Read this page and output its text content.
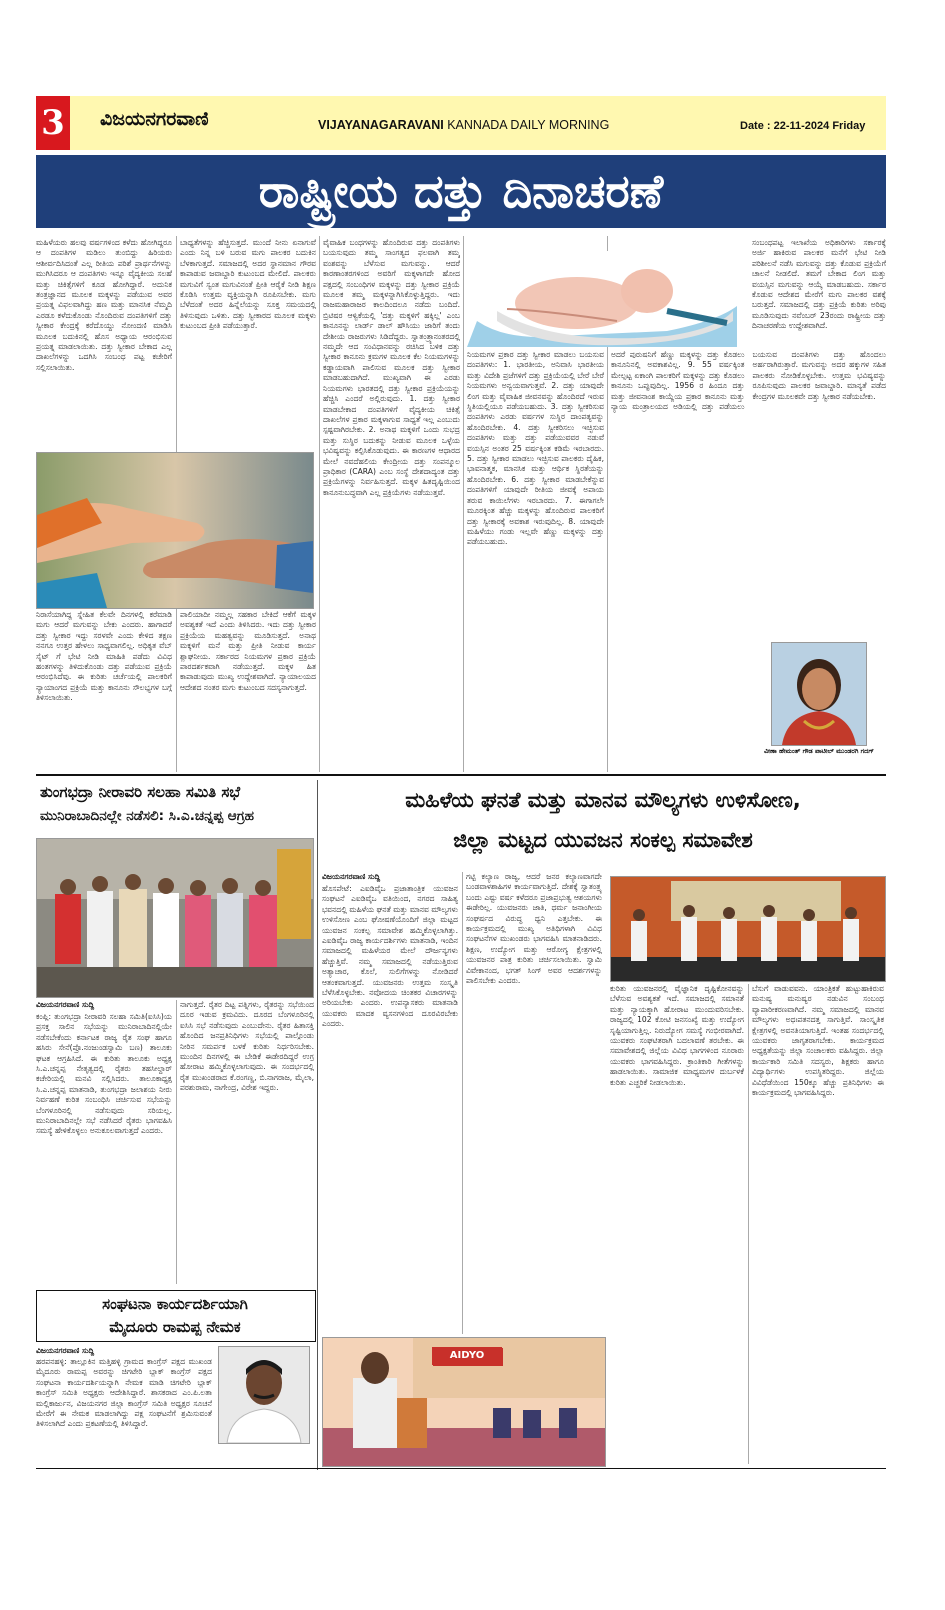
3 ವಿಜಯನಗರವಾಣಿ	VIJAYANAGARAVANI KANNADA DAILY MORNING	Date : 22-11-2024 Friday
ರಾಷ್ಟ್ರೀಯ ದತ್ತು ದಿನಾಚರಣೆ
ಮಹಿಳೆಯರು ಹಲವು ವರ್ಷಗಳಿಂದ ಕಳೆದು ಹೋಗಿದ್ದರೂ ಆ ದಂಪತಿಗಳ ಮಡಿಲು ತುಂಬಿದ್ದು ಹಿರಿಯರು ಆಶೀರ್ವದಿಸಿದಂತೆ ಎಲ್ಲ ರೀತಿಯ ಪರಿಶೆ ಪ್ರಾರ್ಥನೆಗಳನ್ನು ಮುಗಿಸಿದರೂ ಆ ದಂಪತಿಗಳು ಇನ್ನೂ ವೈದ್ಯಕೀಯ ಸಲಹೆ ಮತ್ತು ಚಿಕಿತ್ಸೆಗಳಿಗೆ ಕೂಡ ಹೋಗಿದ್ದಾರೆ. ಅದುನಿಕ ತಂತ್ರಜ್ಞಾನದ ಮೂಲಕ ಮಕ್ಕಳನ್ನು ಪಡೆಯುವ ಅವರ ಪ್ರಯತ್ನ ವಿಫಲವಾಗಿದ್ದು ಹಣ ಮತ್ತು ಮಾನಸಿಕ ನೆಮ್ಮದಿ ಎರಡೂ ಕಳೆದುಕೊಂಡು ನೊಂದಿರುವ ದಂಪತಿಗಳಿಗೆ ದತ್ತು ಸ್ವೀಕಾರ ಕೇಂದ್ರಕ್ಕೆ ಕರೆದೊಯ್ದು ನೋಂದಣಿ ಮಾಡಿಸಿ ಮೂಲಕ ಬದುಕಿನಲ್ಲಿ ಹೊಸ ಅಧ್ಯಾಯ ಆರಂಭಿಸುವ ಪ್ರಯತ್ನ ಮಾಡಲಾಯಿತು. ದತ್ತು ಸ್ವೀಕಾರ ಬೇಕಾದ ಎಲ್ಲ ದಾಖಲೆಗಳನ್ನು ಒದಗಿಸಿ ಸಂಬಂಧ ಪಟ್ಟ ಕಚೇರಿಗೆ ಸಲ್ಲಿಸಲಾಯಿತು.
ನಿರಾಸೆಯಾಗಿದ್ದ ಸ್ನೇಹಿತ ಕೆಲವೇ ದಿನಗಳಲ್ಲಿ ಕರೆಮಾಡಿ ಮಗು ಆದರೆ ಮಗುವನ್ನು ಬೇಕು ಎಂದರು. ಹಾಗಾದರೆ ದತ್ತು ಸ್ವೀಕಾರ ಇದ್ದು ಸರಳವೇ ಎಂದು ಕೇಳಿದ ತಕ್ಷಣ ನನಗೂ ಉತ್ತರ ಹೇಳಲು ಸಾಧ್ಯವಾಗಲಿಲ್ಲ. ಅಧಿಕೃತ ವೆಬ್ ಸೈಟ್ ಗೆ ಭೇಟಿ ನೀಡಿ ಮಾಹಿತಿ ಪಡೆದು ವಿವಿಧ ಹಂತಗಳನ್ನು ತಿಳಿದುಕೊಂಡು ದತ್ತು ಪಡೆಯುವ ಪ್ರಕ್ರಿಯೆ ಆರಂಭಿಸಿದೆವು. ಈ ಕುರಿತು ಚರ್ಚೆಯಲ್ಲಿ ಪಾಲಕರಿಗೆ ನ್ಯಾಯಾಂಗದ ಪ್ರಕ್ರಿಯೆ ಮತ್ತು ಕಾನೂನು ಸೌಲಭ್ಯಗಳ ಬಗ್ಗೆ ತಿಳಿಸಲಾಯಿತು.
ಬಾಧ್ಯತೆಗಳನ್ನು ಹೆಚ್ಚಿಸುತ್ತದೆ. ಮುಂದೆ ನೀನು ಏನಾಗುವೆ ಎಂದು ನಿನ್ನ ಬಳಿ ಬರುವ ಮಗು ಪಾಲಕರ ಬದುಕಿನ ಬೆಳಕಾಗುತ್ತದೆ. ಸಮಾಜದಲ್ಲಿ ಅದರ ಸ್ಥಾನಮಾನ ಗೌರವ ಕಾಪಾಡುವ ಜವಾಬ್ದಾರಿ ಕುಟುಂಬದ ಮೇಲಿದೆ. ಪಾಲಕರು ಮಗುವಿಗೆ ಸ್ವಂತ ಮಗುವಿನಂತೆ ಪ್ರೀತಿ ಆರೈಕೆ ನೀಡಿ ಶಿಕ್ಷಣ ಕೊಡಿಸಿ ಉತ್ತಮ ವ್ಯಕ್ತಿಯನ್ನಾಗಿ ರೂಪಿಸಬೇಕು. ಮಗು ಬೆಳೆದಂತೆ ಅದರ ಹಿನ್ನೆಲೆಯನ್ನು ಸೂಕ್ತ ಸಮಯದಲ್ಲಿ ತಿಳಿಸುವುದು ಒಳಿತು. ದತ್ತು ಸ್ವೀಕಾರದ ಮೂಲಕ ಮಕ್ಕಳು ಕುಟುಂಬದ ಪ್ರೀತಿ ಪಡೆಯುತ್ತಾರೆ.
ಪಾಲಿಯಾದೀ ನಮ್ಮಲ್ಲ ಸಹಕಾರ ಬೇಕಿದೆ ಆಕೆಗೆ ಮಕ್ಕಳ ಅವಶ್ಯಕತೆ ಇದೆ ಎಂದು ತಿಳಿಸಿದರು. ಇದು ದತ್ತು ಸ್ವೀಕಾರ ಪ್ರಕ್ರಿಯೆಯ ಮಹತ್ವವನ್ನು ಮೂಡಿಸುತ್ತದೆ. ಅನಾಥ ಮಕ್ಕಳಿಗೆ ಮನೆ ಮತ್ತು ಪ್ರೀತಿ ನೀಡುವ ಕಾರ್ಯ ಶ್ಲಾಘನೀಯ. ಸರ್ಕಾರದ ನಿಯಮಗಳ ಪ್ರಕಾರ ಪ್ರಕ್ರಿಯೆ ಪಾರದರ್ಶಕವಾಗಿ ನಡೆಯುತ್ತದೆ. ಮಕ್ಕಳ ಹಿತ ಕಾಪಾಡುವುದು ಮುಖ್ಯ ಉದ್ದೇಶವಾಗಿದೆ. ನ್ಯಾಯಾಲಯದ ಆದೇಶದ ನಂತರ ಮಗು ಕುಟುಂಬದ ಸದಸ್ಯನಾಗುತ್ತದೆ.
ವೈವಾಹಿಕ ಬಂಧಗಳನ್ನು ಹೊಂದಿರುವ ದತ್ತು ದಂಪತಿಗಳು ಬಯಸುವುದು ತಮ್ಮ ಸಾಂಗತ್ಯದ ಫಲವಾಗಿ ತಮ್ಮ ವಂಶವನ್ನು ಬೆಳೆಸುವ ಮಗುವನ್ನು. ಆದರೆ ಕಾರಣಾಂತರಗಳಿಂದ ಅವರಿಗೆ ಮಕ್ಕಳಾಗದೇ ಹೋದ ಪಕ್ಷದಲ್ಲಿ ಸಂಬಂಧಿಗಳ ಮಕ್ಕಳನ್ನು ದತ್ತು ಸ್ವೀಕಾರ ಪ್ರಕ್ರಿಯೆ ಮೂಲಕ ತಮ್ಮ ಮಕ್ಕಳನ್ನಾಗಿಸಿಕೊಳ್ಳುತ್ತಿದ್ದರು. ಇದು ರಾಜಮಹಾರಾಜರ ಕಾಲದಿಂದಲೂ ನಡೆದು ಬಂದಿದೆ. ಬ್ರಿಟಿಷರ ಆಳ್ವಿಕೆಯಲ್ಲಿ 'ದತ್ತು ಮಕ್ಕಳಿಗೆ ಹಕ್ಕಿಲ್ಲ' ಎಂಬ ಕಾನೂನನ್ನು ಲಾರ್ಡ್ ಡಾಲ್ ಹೌಸಿಯು ಜಾರಿಗೆ ತಂದು ದೇಶೀಯ ರಾಜರುಗಳು ಸಿಡಿದೆದ್ದರು. ಸ್ವಾತಂತ್ರ್ಯಾನಂತರದಲ್ಲಿ ನಮ್ಮದೇ ಆದ ಸಂವಿಧಾನವನ್ನು ರಚಿಸಿದ ಬಳಿಕ ದತ್ತು ಸ್ವೀಕಾರ ಕಾನೂನು ಕ್ರಮಗಳ ಮೂಲಕ ಕೆಲ ನಿಯಮಗಳನ್ನು ಕಡ್ಡಾಯವಾಗಿ ಪಾಲಿಸುವ ಮೂಲಕ ದತ್ತು ಸ್ವೀಕಾರ ಮಾಡಬಹುದಾಗಿದೆ. ಮುಖ್ಯವಾಗಿ ಈ ಎರಡು ನಿಯಮಗಳು ಭಾರತದಲ್ಲಿ ದತ್ತು ಸ್ವೀಕಾರ ಪ್ರಕ್ರಿಯೆಯನ್ನು ಹೆಚ್ಚಿಸಿ ಎಂದರೆ ಅಲ್ಲಿರುವುದು. 1. ದತ್ತು ಸ್ವೀಕಾರ ಮಾಡಬೇಕಾದ ದಂಪತಿಗಳಿಗೆ ವೈದ್ಯಕೀಯ ಚಿಕಿತ್ಸೆ ದಾಖಲೆಗಳ ಪ್ರಕಾರ ಮಕ್ಕಳಾಗುವ ಸಾಧ್ಯತೆ ಇಲ್ಲ ಎಂಬುದು ಸ್ಪಷ್ಟವಾಗಿರಬೇಕು. 2. ಅನಾಥ ಮಕ್ಕಳಿಗೆ ಒಂದು ಸುಭದ್ರ ಮತ್ತು ಸುಸ್ಥಿರ ಬದುಕನ್ನು ನೀಡುವ ಮೂಲಕ ಒಳ್ಳೆಯ ಭವಿಷ್ಯವನ್ನು ಕಲ್ಪಿಸಿಕೊಡುವುದು. ಈ ಕಾರಣಗಳ ಆಧಾರದ ಮೇಲೆ ನವದೆಹಲಿಯ ಕೇಂದ್ರೀಯ ದತ್ತು ಸಂಪನ್ಮೂಲ ಪ್ರಾಧಿಕಾರ (CARA) ಎಂಬ ಸಂಸ್ಥೆ ದೇಶದಾದ್ಯಂತ ದತ್ತು ಪ್ರಕ್ರಿಯೆಗಳನ್ನು ನಿರ್ವಹಿಸುತ್ತದೆ. ಮಕ್ಕಳ ಹಿತದೃಷ್ಟಿಯಿಂದ ಕಾನೂನುಬದ್ಧವಾಗಿ ಎಲ್ಲ ಪ್ರಕ್ರಿಯೆಗಳು ನಡೆಯುತ್ತವೆ.
ನಿಯಮಗಳ ಪ್ರಕಾರ ದತ್ತು ಸ್ವೀಕಾರ ಮಾಡಲು ಬಯಸುವ ದಂಪತಿಗಳು: 1. ಭಾರತೀಯ, ಅನಿವಾಸಿ ಭಾರತೀಯ ಮತ್ತು ವಿದೇಶಿ ಪ್ರಜೆಗಳಿಗೆ ದತ್ತು ಪ್ರಕ್ರಿಯೆಯಲ್ಲಿ ಬೇರೆ ಬೇರೆ ನಿಯಮಗಳು ಅನ್ವಯವಾಗುತ್ತವೆ. 2. ದತ್ತು ಯಾವುದೇ ಲಿಂಗ ಮತ್ತು ವೈವಾಹಿಕ ಜೀವನವನ್ನು ಹೊಂದಿರದೆ ಇರುವ ಸ್ಥಿತಿಯಲ್ಲಿಯೂ ಪಡೆಯಬಹುದು. 3. ದತ್ತು ಸ್ವೀಕರಿಸುವ ದಂಪತಿಗಳು ಎರಡು ವರ್ಷಗಳ ಸುಸ್ಥಿರ ದಾಂಪತ್ಯವನ್ನು ಹೊಂದಿರಬೇಕು. 4. ದತ್ತು ಸ್ವೀಕರಿಸಲು ಇಚ್ಛಿಸುವ ದಂಪತಿಗಳು ಮತ್ತು ದತ್ತು ಪಡೆಯುವವರ ನಡುವೆ ವಯಸ್ಸಿನ ಅಂತರ 25 ವರ್ಷಕ್ಕಿಂತ ಕಡಿಮೆ ಇರಬಾರದು. 5. ದತ್ತು ಸ್ವೀಕಾರ ಮಾಡಲು ಇಚ್ಛಿಸುವ ಪಾಲಕರು ದೈಹಿಕ, ಭಾವನಾತ್ಮಕ, ಮಾನಸಿಕ ಮತ್ತು ಆರ್ಥಿಕ ಸ್ಥಿರತೆಯನ್ನು ಹೊಂದಿರಬೇಕು. 6. ದತ್ತು ಸ್ವೀಕಾರ ಮಾಡಬೇಕೆನ್ನುವ ದಂಪತಿಗಳಿಗೆ ಯಾವುದೇ ರೀತಿಯ ಜೀವಕ್ಕೆ ಅಪಾಯ ತರುವ ಕಾಯಿಲೆಗಳು ಇರಬಾರದು. 7. ಈಗಾಗಲೇ ಮೂರಕ್ಕಿಂತ ಹೆಚ್ಚು ಮಕ್ಕಳನ್ನು ಹೊಂದಿರುವ ಪಾಲಕರಿಗೆ ದತ್ತು ಸ್ವೀಕಾರಕ್ಕೆ ಅವಕಾಶ ಇರುವುದಿಲ್ಲ. 8. ಯಾವುದೇ ಮಹಿಳೆಯು ಗಂಡು ಇಲ್ಲವೇ ಹೆಣ್ಣು ಮಕ್ಕಳನ್ನು ದತ್ತು ಪಡೆಯಬಹುದು.
ಸಂಬಂಧಪಟ್ಟ ಇಲಾಖೆಯ ಅಧಿಕಾರಿಗಳು ಸರ್ಕಾರಕ್ಕೆ ಅರ್ಜಿ ಹಾಕಿರುವ ಪಾಲಕರ ಮನೆಗೆ ಭೇಟಿ ನೀಡಿ ಪರಿಶೀಲನೆ ನಡೆಸಿ ಮಗುವನ್ನು ದತ್ತು ಕೊಡುವ ಪ್ರಕ್ರಿಯೆಗೆ ಚಾಲನೆ ನೀಡಲಿದೆ. ತಮಗೆ ಬೇಕಾದ ಲಿಂಗ ಮತ್ತು ವಯಸ್ಸಿನ ಮಗುವನ್ನು ಆಯ್ಕೆ ಮಾಡಬಹುದು. ಸರ್ಕಾರ ಕೊಡುವ ಆದೇಶದ ಮೇರೆಗೆ ಮಗು ಪಾಲಕರ ವಶಕ್ಕೆ ಬರುತ್ತದೆ. ಸಮಾಜದಲ್ಲಿ ದತ್ತು ಪ್ರಕ್ರಿಯೆ ಕುರಿತು ಅರಿವು ಮೂಡಿಸುವುದು ನವೆಂಬರ್ 23ರಂದು ರಾಷ್ಟ್ರೀಯ ದತ್ತು ದಿನಾಚರಣೆಯ ಉದ್ದೇಶವಾಗಿದೆ.
ಅದರೆ ಪುರುಷನಿಗೆ ಹೆಣ್ಣು ಮಕ್ಕಳನ್ನು ದತ್ತು ಕೊಡಲು ಕಾನೂನಿನಲ್ಲಿ ಅವಕಾಶವಿಲ್ಲ. 9. 55 ವರ್ಷಕ್ಕಿಂತ ಮೇಲ್ಪಟ್ಟ ಏಕಾಂಗಿ ಪಾಲಕರಿಗೆ ಮಕ್ಕಳನ್ನು ದತ್ತು ಕೊಡಲು ಕಾನೂನು ಒಪ್ಪುವುದಿಲ್ಲ. 1956 ರ ಹಿಂದೂ ದತ್ತು ಮತ್ತು ಜೀವನಾಂಶ ಕಾಯ್ದೆಯ ಪ್ರಕಾರ ಕಾನೂನು ಮತ್ತು ನ್ಯಾಯ ಮಂತ್ರಾಲಯದ ಅಡಿಯಲ್ಲಿ ದತ್ತು ಪಡೆಯಲು ಬಯಸುವ ದಂಪತಿಗಳು ದತ್ತು ಹೊಂದಲು ಅರ್ಹರಾಗಿರುತ್ತಾರೆ. ಮಗುವನ್ನು ಅದರ ಹಕ್ಕುಗಳ ಸಹಿತ ಪಾಲಕರು ನೋಡಿಕೊಳ್ಳಬೇಕು. ಉತ್ತಮ ಭವಿಷ್ಯವನ್ನು ರೂಪಿಸುವುದು ಪಾಲಕರ ಜವಾಬ್ದಾರಿ. ಮಾನ್ಯತೆ ಪಡೆದ ಕೇಂದ್ರಗಳ ಮೂಲಕವೇ ದತ್ತು ಸ್ವೀಕಾರ ನಡೆಯಬೇಕು.
ವೀಣಾ ಹೇಮಂತ್ ಗೌಡ ಪಾಟೀಲ್ ಮುಂಡರಗಿ ಗದಗ್
ತುಂಗಭದ್ರಾ ನೀರಾವರಿ ಸಲಹಾ ಸಮಿತಿ ಸಭೆ
ಮುನಿರಾಬಾದಿನಲ್ಲೇ ನಡೆಸಲಿ: ಸಿ.ಎ.ಚನ್ನಪ್ಪ ಆಗ್ರಹ
ವಿಜಯನಗರವಾಣಿ ಸುದ್ದಿ
ಕಂಪ್ಲಿ: ತುಂಗಭದ್ರಾ ನೀರಾವರಿ ಸಲಹಾ ಸಮಿತಿ(ಐಸಿಸಿ)ಯ ಪ್ರಸಕ್ತ ಸಾಲಿನ ಸಭೆಯನ್ನು ಮುನಿರಾಬಾದಿನಲ್ಲಿಯೇ ನಡೆಸಬೇಕೆಂದು ಕರ್ನಾಟಕ ರಾಜ್ಯ ರೈತ ಸಂಘ ಹಾಗೂ ಹಸಿರು ಸೇನೆ(ಪ್ರೊ.ನಂಜುಂಡಸ್ವಾಮಿ ಬಣ) ತಾಲೂಕು ಘಟಕ ಆಗ್ರಹಿಸಿದೆ. ಈ ಕುರಿತು ತಾಲೂಕು ಅಧ್ಯಕ್ಷ ಸಿ.ಎ.ಚನ್ನಪ್ಪ ನೇತೃತ್ವದಲ್ಲಿ ರೈತರು ತಹಸೀಲ್ದಾರ್ ಕಚೇರಿಯಲ್ಲಿ ಮನವಿ ಸಲ್ಲಿಸಿದರು. ತಾಲೂಕಾಧ್ಯಕ್ಷ ಸಿ.ಎ.ಚನ್ನಪ್ಪ ಮಾತನಾಡಿ, ತುಂಗಭದ್ರಾ ಜಲಾಶಯ ನೀರು ನಿರ್ವಹಣೆ ಕುರಿತ ಸಂಬಂಧಿಸಿ ಚರ್ಚಿಸುವ ಸಭೆಯನ್ನು ಬೆಂಗಳೂರಿನಲ್ಲಿ ನಡೆಸುವುದು ಸರಿಯಲ್ಲ. ಮುನಿರಾಬಾದಿನಲ್ಲೇ ಸಭೆ ನಡೆಸಿದರೆ ರೈತರು ಭಾಗವಹಿಸಿ ಸಮಸ್ಯೆ ಹೇಳಿಕೊಳ್ಳಲು ಅನುಕೂಲವಾಗುತ್ತದೆ ಎಂದರು.
ನಾಗುತ್ತದೆ. ರೈತರ ದಿಟ್ಟ ಪತ್ನಿಗಳು, ರೈತರನ್ನು ಸಭೆಯಿಂದ ದೂರ ಇಡುವ ಕ್ರಮವಿದು. ದೂರದ ಬೆಂಗಳೂರಿನಲ್ಲಿ ಐಸಿಸಿ ಸಭೆ ನಡೆಸುವುದು ಎಂಬುದೇನು. ರೈತರ ಹಿತಾಸಕ್ತಿ ಹೊಂದಿದ ಜನಪ್ರತಿನಿಧಿಗಳು ಸಭೆಯಲ್ಲಿ ಪಾಲ್ಗೊಂಡು ನೀರಿನ ಸಮರ್ಪಕ ಬಳಕೆ ಕುರಿತು ನಿರ್ಧರಿಸಬೇಕು. ಮುಂದಿನ ದಿನಗಳಲ್ಲಿ ಈ ಬೇಡಿಕೆ ಈಡೇರದಿದ್ದರೆ ಉಗ್ರ ಹೋರಾಟ ಹಮ್ಮಿಕೊಳ್ಳಲಾಗುವುದು. ಈ ಸಂದರ್ಭದಲ್ಲಿ ರೈತ ಮುಖಂಡರಾದ ಕೆ.ರಂಗಣ್ಣ, ಬಿ.ನಾಗರಾಜ, ಮೈಲಾ, ಪರಶುರಾಮ, ನಾಗೇಂದ್ರ, ವಿರೇಶ ಇದ್ದರು.
ಸಂಘಟನಾ ಕಾರ್ಯದರ್ಶಿಯಾಗಿ
ಮೈದೂರು ರಾಮಪ್ಪ ನೇಮಕ
ವಿಜಯನಗರವಾಣಿ ಸುದ್ದಿ
ಹರಪನಹಳ್ಳಿ: ತಾಲ್ಲೂಕಿನ ಮತ್ತಿಹಳ್ಳಿ ಗ್ರಾಮದ ಕಾಂಗ್ರೆಸ್ ಪಕ್ಷದ ಮುಖಂಡ ಮೈದೂರು ರಾಮಪ್ಪ ಅವರನ್ನು ಚಿಗಟೇರಿ ಬ್ಲಾಕ್ ಕಾಂಗ್ರೆಸ್ ಪಕ್ಷದ ಸಂಘಟನಾ ಕಾರ್ಯದರ್ಶಿಯನ್ನಾಗಿ ನೇಮಕ ಮಾಡಿ ಚಿಗಟೇರಿ ಬ್ಲಾಕ್ ಕಾಂಗ್ರೆಸ್ ಸಮಿತಿ ಅಧ್ಯಕ್ಷರು ಆದೇಶಿಸಿದ್ದಾರೆ. ಶಾಸಕರಾದ ಎಂ.ಪಿ.ಲತಾ ಮಲ್ಲಿಕಾರ್ಜುನ, ವಿಜಯನಗರ ಜಿಲ್ಲಾ ಕಾಂಗ್ರೆಸ್ ಸಮಿತಿ ಅಧ್ಯಕ್ಷರ ಸೂಚನೆ ಮೇರೆಗೆ ಈ ನೇಮಕ ಮಾಡಲಾಗಿದ್ದು ಪಕ್ಷ ಸಂಘಟನೆಗೆ ಶ್ರಮಿಸುವಂತೆ ತಿಳಿಸಲಾಗಿದೆ ಎಂದು ಪ್ರಕಟಣೆಯಲ್ಲಿ ತಿಳಿಸಿದ್ದಾರೆ.
ಮಹಿಳೆಯ ಘನತೆ ಮತ್ತು ಮಾನವ ಮೌಲ್ಯಗಳು ಉಳಿಸೋಣ,
ಜಿಲ್ಲಾ ಮಟ್ಟದ ಯುವಜನ ಸಂಕಲ್ಪ ಸಮಾವೇಶ
ವಿಜಯನಗರವಾಣಿ ಸುದ್ದಿ
ಹೊಸಪೇಟೆ: ಎಐಡಿವೈಒ ಪ್ರಜಾತಾಂತ್ರಿಕ ಯುವಜನ ಸಂಘಟನೆ ಎಐಡಿವೈಒ ವತಿಯಿಂದ, ನಗರದ ಸಾಹಿತ್ಯ ಭವನದಲ್ಲಿ ಮಹಿಳೆಯ ಘನತೆ ಮತ್ತು ಮಾನವ ಮೌಲ್ಯಗಳು ಉಳಿಸೋಣ ಎಂಬ ಘೋಷಣೆಯೊಂದಿಗೆ ಜಿಲ್ಲಾ ಮಟ್ಟದ ಯುವಜನ ಸಂಕಲ್ಪ ಸಮಾವೇಶ ಹಮ್ಮಿಕೊಳ್ಳಲಾಗಿತ್ತು. ಎಐಡಿವೈಒ ರಾಜ್ಯ ಕಾರ್ಯದರ್ಶಿಗಳು ಮಾತನಾಡಿ, ಇಂದಿನ ಸಮಾಜದಲ್ಲಿ ಮಹಿಳೆಯರ ಮೇಲೆ ದೌರ್ಜನ್ಯಗಳು ಹೆಚ್ಚುತ್ತಿವೆ. ನಮ್ಮ ಸಮಾಜದಲ್ಲಿ ನಡೆಯುತ್ತಿರುವ ಅತ್ಯಾಚಾರ, ಕೊಲೆ, ಸುಲಿಗೆಗಳನ್ನು ನೋಡಿದರೆ ಆತಂಕವಾಗುತ್ತದೆ. ಯುವಜನರು ಉತ್ತಮ ಸಂಸ್ಕೃತಿ ಬೆಳೆಸಿಕೊಳ್ಳಬೇಕು. ನವೋದಯ ಚಿಂತಕರ ವಿಚಾರಗಳನ್ನು ಅರಿಯಬೇಕು ಎಂದರು. ಉಪನ್ಯಾಸಕರು ಮಾತನಾಡಿ ಯುವಕರು ಮಾದಕ ವ್ಯಸನಗಳಿಂದ ದೂರವಿರಬೇಕು ಎಂದರು.
ಗಟ್ಟಿ ಕಲ್ಯಾಣ ರಾಜ್ಯ, ಆದರೆ ಜನರ ಕಲ್ಯಾಣವಾಗದೇ ಬಂಡವಾಳಶಾಹಿಗಳ ಕಾರ್ಯವಾಗುತ್ತಿದೆ. ದೇಶಕ್ಕೆ ಸ್ವಾತಂತ್ರ್ಯ ಬಂದು ಎಷ್ಟು ವರ್ಷ ಕಳೆದರೂ ಪ್ರಜಾಪ್ರಭುತ್ವ ಆಶಯಗಳು ಈಡೇರಿಲ್ಲ. ಯುವಜನರು ಜಾತಿ, ಧರ್ಮ ಜನಾಂಗೀಯ ಸಂಘರ್ಷದ ವಿರುದ್ಧ ಧ್ವನಿ ಎತ್ತಬೇಕು. ಈ ಕಾರ್ಯಕ್ರಮದಲ್ಲಿ ಮುಖ್ಯ ಅತಿಥಿಗಳಾಗಿ ವಿವಿಧ ಸಂಘಟನೆಗಳ ಮುಖಂಡರು ಭಾಗವಹಿಸಿ ಮಾತನಾಡಿದರು. ಶಿಕ್ಷಣ, ಉದ್ಯೋಗ ಮತ್ತು ಆರೋಗ್ಯ ಕ್ಷೇತ್ರಗಳಲ್ಲಿ ಯುವಜನರ ಪಾತ್ರ ಕುರಿತು ಚರ್ಚಿಸಲಾಯಿತು. ಸ್ವಾಮಿ ವಿವೇಕಾನಂದ, ಭಗತ್ ಸಿಂಗ್ ಅವರ ಆದರ್ಶಗಳನ್ನು ಪಾಲಿಸಬೇಕು ಎಂದರು.
ಕುರಿತು ಯುವಜನರಲ್ಲಿ ವೈಜ್ಞಾನಿಕ ದೃಷ್ಟಿಕೋನವನ್ನು ಬೆಳೆಸುವ ಅವಶ್ಯಕತೆ ಇದೆ. ಸಮಾಜದಲ್ಲಿ ಸಮಾನತೆ ಮತ್ತು ನ್ಯಾಯಕ್ಕಾಗಿ ಹೋರಾಟ ಮುಂದುವರಿಸಬೇಕು. ರಾಜ್ಯದಲ್ಲಿ 102 ಕೋಟಿ ಜನಸಂಖ್ಯೆ ಮತ್ತು ಉದ್ಯೋಗ ಸೃಷ್ಟಿಯಾಗುತ್ತಿಲ್ಲ. ನಿರುದ್ಯೋಗ ಸಮಸ್ಯೆ ಗಂಭೀರವಾಗಿದೆ. ಯುವಕರು ಸಂಘಟಿತರಾಗಿ ಬದಲಾವಣೆ ತರಬೇಕು. ಈ ಸಮಾವೇಶದಲ್ಲಿ ಜಿಲ್ಲೆಯ ವಿವಿಧ ಭಾಗಗಳಿಂದ ನೂರಾರು ಯುವಕರು ಭಾಗವಹಿಸಿದ್ದರು. ಕ್ರಾಂತಿಕಾರಿ ಗೀತೆಗಳನ್ನು ಹಾಡಲಾಯಿತು. ಸಾಮಾಜಿಕ ಮಾಧ್ಯಮಗಳ ದುರ್ಬಳಕೆ ಕುರಿತು ಎಚ್ಚರಿಕೆ ನೀಡಲಾಯಿತು.
ಬೆಸುಗೆ ವಾಡುವವನು. ಯಾಂತ್ರಿಕತೆ ಹುಟ್ಟುಹಾಕಿರುವ ಮನುಷ್ಯ ಮನುಷ್ಯರ ನಡುವಿನ ಸಂಬಂಧ ವ್ಯಾಪಾರೀಕರಣವಾಗಿದೆ. ನಮ್ಮ ಸಮಾಜದಲ್ಲಿ ಮಾನವ ಮೌಲ್ಯಗಳು ಅಧಃಪತನದತ್ತ ಸಾಗುತ್ತಿವೆ. ಸಾಂಸ್ಕೃತಿಕ ಕ್ಷೇತ್ರಗಳಲ್ಲಿ ಅವನತಿಯಾಗುತ್ತಿದೆ. ಇಂತಹ ಸಂದರ್ಭದಲ್ಲಿ ಯುವಕರು ಜಾಗೃತರಾಗಬೇಕು. ಕಾರ್ಯಕ್ರಮದ ಅಧ್ಯಕ್ಷತೆಯನ್ನು ಜಿಲ್ಲಾ ಸಂಚಾಲಕರು ವಹಿಸಿದ್ದರು. ಜಿಲ್ಲಾ ಕಾರ್ಯಕಾರಿ ಸಮಿತಿ ಸದಸ್ಯರು, ಶಿಕ್ಷಕರು ಹಾಗೂ ವಿದ್ಯಾರ್ಥಿಗಳು ಉಪಸ್ಥಿತರಿದ್ದರು. ಜಿಲ್ಲೆಯ ವಿವಿಧೆಡೆಯಿಂದ 150ಕ್ಕೂ ಹೆಚ್ಚು ಪ್ರತಿನಿಧಿಗಳು ಈ ಕಾರ್ಯಕ್ರಮದಲ್ಲಿ ಭಾಗವಹಿಸಿದ್ದರು.
AIDYO
